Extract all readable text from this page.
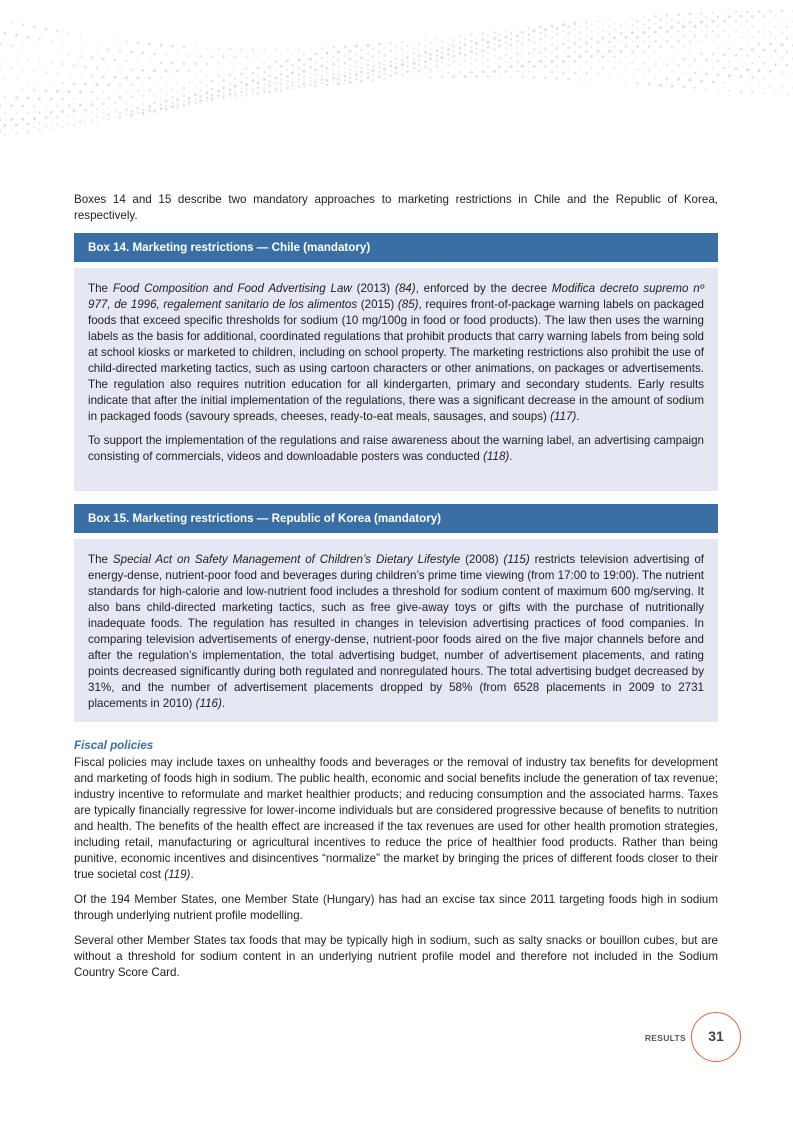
Boxes 14 and 15 describe two mandatory approaches to marketing restrictions in Chile and the Republic of Korea, respectively.

Box 14. Marketing restrictions — Chile (mandatory)

The Food Composition and Food Advertising Law (2013) (84), enforced by the decree Modifica decreto supremo nº 977, de 1996, regalement sanitario de los alimentos (2015) (85), requires front-of-package warning labels on packaged foods that exceed specific thresholds for sodium (10 mg/100g in food or food products). The law then uses the warning labels as the basis for additional, coordinated regulations that prohibit products that carry warning labels from being sold at school kiosks or marketed to children, including on school property. The marketing restrictions also prohibit the use of child-directed marketing tactics, such as using cartoon characters or other animations, on packages or advertisements. The regulation also requires nutrition education for all kindergarten, primary and secondary students. Early results indicate that after the initial implementation of the regulations, there was a significant decrease in the amount of sodium in packaged foods (savoury spreads, cheeses, ready-to-eat meals, sausages, and soups) (117).

To support the implementation of the regulations and raise awareness about the warning label, an advertising campaign consisting of commercials, videos and downloadable posters was conducted (118).

Box 15. Marketing restrictions — Republic of Korea (mandatory)

The Special Act on Safety Management of Children’s Dietary Lifestyle (2008) (115) restricts television advertising of energy-dense, nutrient-poor food and beverages during children’s prime time viewing (from 17:00 to 19:00). The nutrient standards for high-calorie and low-nutrient food includes a threshold for sodium content of maximum 600 mg/serving. It also bans child-directed marketing tactics, such as free give-away toys or gifts with the purchase of nutritionally inadequate foods. The regulation has resulted in changes in television advertising practices of food companies. In comparing television advertisements of energy-dense, nutrient-poor foods aired on the five major channels before and after the regulation’s implementation, the total advertising budget, number of advertisement placements, and rating points decreased significantly during both regulated and nonregulated hours. The total advertising budget decreased by 31%, and the number of advertisement placements dropped by 58% (from 6528 placements in 2009 to 2731 placements in 2010) (116).

Fiscal policies

Fiscal policies may include taxes on unhealthy foods and beverages or the removal of industry tax benefits for development and marketing of foods high in sodium. The public health, economic and social benefits include the generation of tax revenue; industry incentive to reformulate and market healthier products; and reducing consumption and the associated harms. Taxes are typically financially regressive for lower-income individuals but are considered progressive because of benefits to nutrition and health. The benefits of the health effect are increased if the tax revenues are used for other health promotion strategies, including retail, manufacturing or agricultural incentives to reduce the price of healthier food products. Rather than being punitive, economic incentives and disincentives “normalize” the market by bringing the prices of different foods closer to their true societal cost (119).

Of the 194 Member States, one Member State (Hungary) has had an excise tax since 2011 targeting foods high in sodium through underlying nutrient profile modelling.

Several other Member States tax foods that may be typically high in sodium, such as salty snacks or bouillon cubes, but are without a threshold for sodium content in an underlying nutrient profile model and therefore not included in the Sodium Country Score Card.

RESULTS	31
